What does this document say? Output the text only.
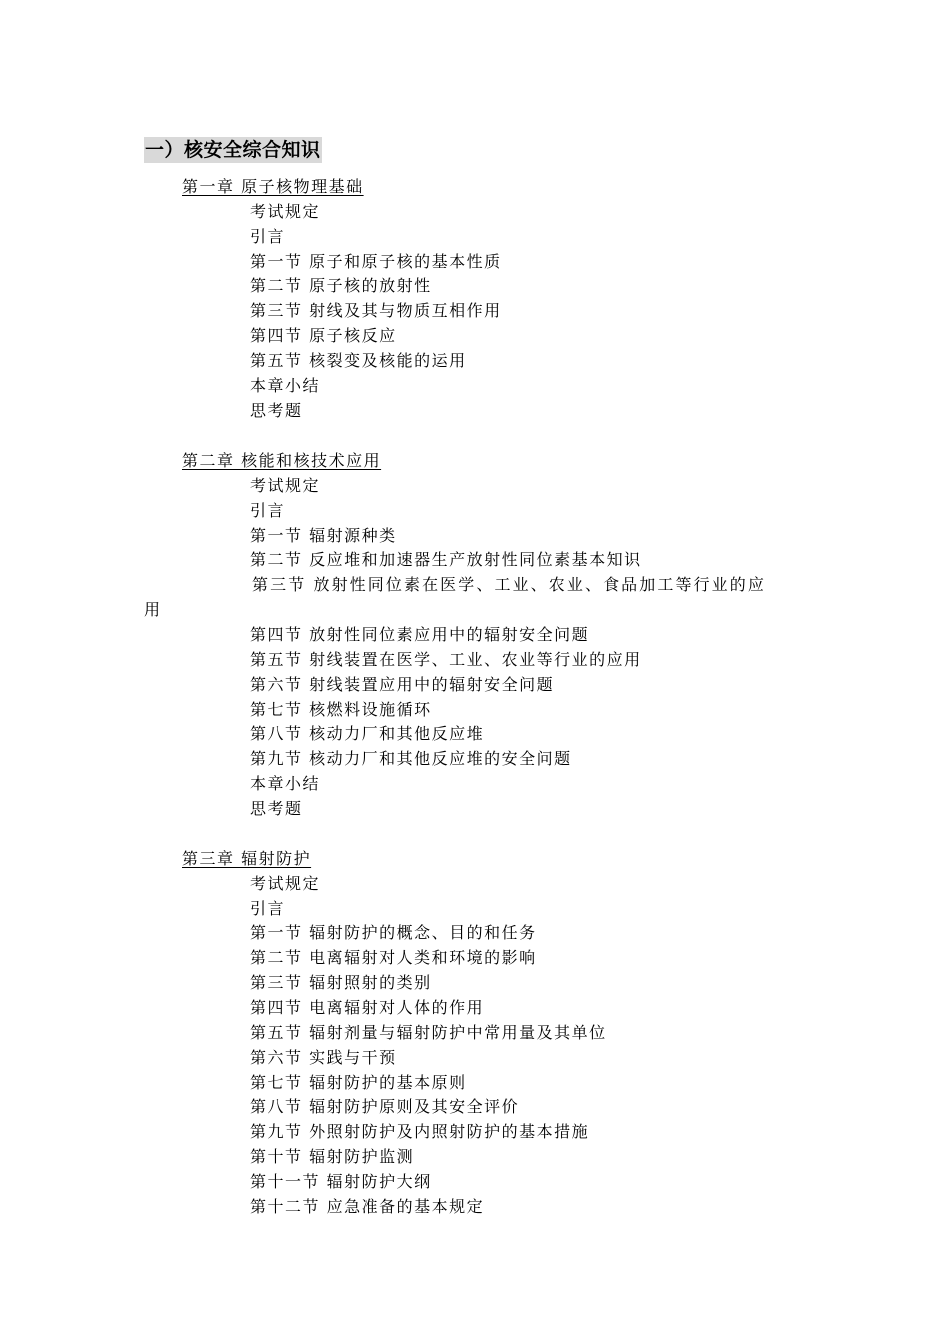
一）核安全综合知识
第一章 原子核物理基础
考试规定
引言
第一节 原子和原子核的基本性质
第二节 原子核的放射性
第三节 射线及其与物质互相作用
第四节 原子核反应
第五节 核裂变及核能的运用
本章小结
思考题
第二章 核能和核技术应用
考试规定
引言
第一节 辐射源种类
第二节 反应堆和加速器生产放射性同位素基本知识
第三节 放射性同位素在医学、工业、农业、食品加工等行业的应
用
第四节 放射性同位素应用中的辐射安全问题
第五节 射线装置在医学、工业、农业等行业的应用
第六节 射线装置应用中的辐射安全问题
第七节 核燃料设施循环
第八节 核动力厂和其他反应堆
第九节 核动力厂和其他反应堆的安全问题
本章小结
思考题
第三章 辐射防护
考试规定
引言
第一节 辐射防护的概念、目的和任务
第二节 电离辐射对人类和环境的影响
第三节 辐射照射的类别
第四节 电离辐射对人体的作用
第五节 辐射剂量与辐射防护中常用量及其单位
第六节 实践与干预
第七节 辐射防护的基本原则
第八节 辐射防护原则及其安全评价
第九节 外照射防护及内照射防护的基本措施
第十节 辐射防护监测
第十一节 辐射防护大纲
第十二节 应急准备的基本规定
